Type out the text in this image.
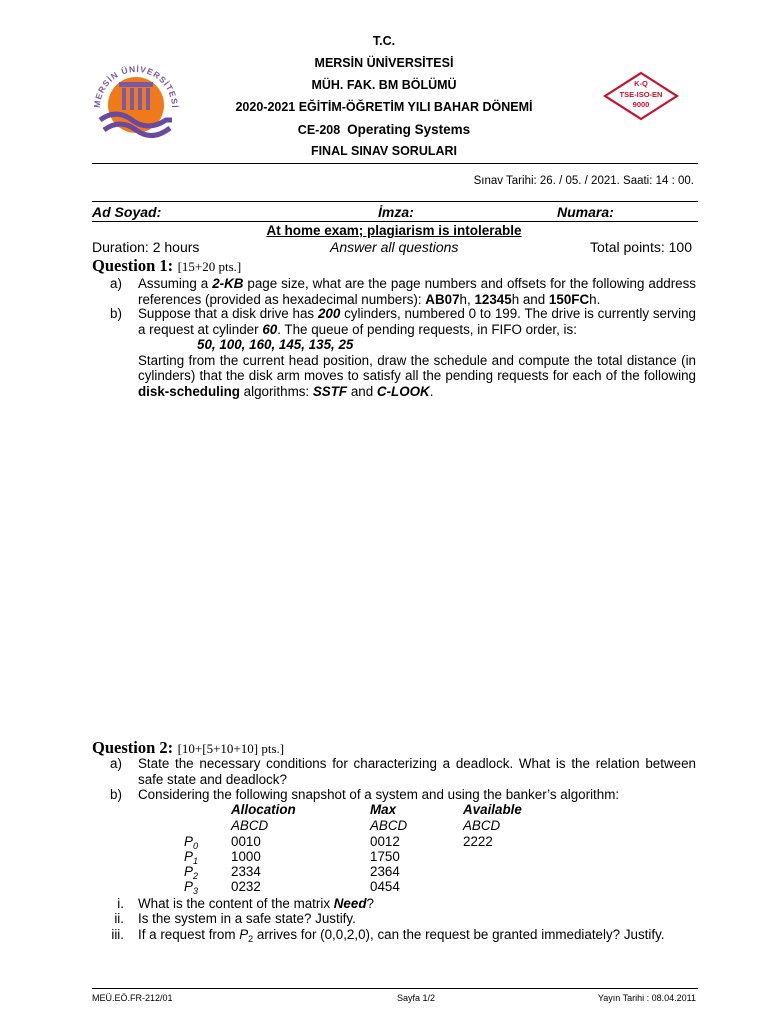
MERSİN ÜNİVERSİTESİ
T.C.
MERSİN ÜNİVERSİTESİ
MÜH. FAK. BM BÖLÜMÜ
2020-2021 EĞİTİM-ÖĞRETİM YILI BAHAR DÖNEMİ
CE-208 Operating Systems
FINAL SINAV SORULARI
K-Q
TSE-ISO-EN
9000
Sınav Tarihi: 26. / 05. / 2021. Saati: 14 : 00.
Ad Soyad:	İmza:	Numara:
At home exam; plagiarism is intolerable
Duration: 2 hours	Answer all questions	Total points: 100
Question 1: [15+20 pts.]
a)	Assuming a 2-KB page size, what are the page numbers and offsets for the following address references (provided as hexadecimal numbers): AB07h, 12345h and 150FCh.
b)	Suppose that a disk drive has 200 cylinders, numbered 0 to 199. The drive is currently serving a request at cylinder 60. The queue of pending requests, in FIFO order, is:
50, 100, 160, 145, 135, 25
Starting from the current head position, draw the schedule and compute the total distance (in cylinders) that the disk arm moves to satisfy all the pending requests for each of the following disk-scheduling algorithms: SSTF and C-LOOK.
Question 2: [10+[5+10+10] pts.]
a)	State the necessary conditions for characterizing a deadlock. What is the relation between safe state and deadlock?
b)	Considering the following snapshot of a system and using the banker’s algorithm:
Allocation	Max	Available
ABCD	ABCD	ABCD
$P_0$ 0010	0012	2222
$P_1$ 1000	1750
$P_2$ 2334	2364
$P_3$ 0232	0454
i. What is the content of the matrix Need?
ii. Is the system in a safe state? Justify.
iii. If a request from $P_2$ arrives for (0,0,2,0), can the request be granted immediately? Justify.
MEÜ.EÖ.FR-212/01	Sayfa 1/2	Yayın Tarihi : 08.04.2011
